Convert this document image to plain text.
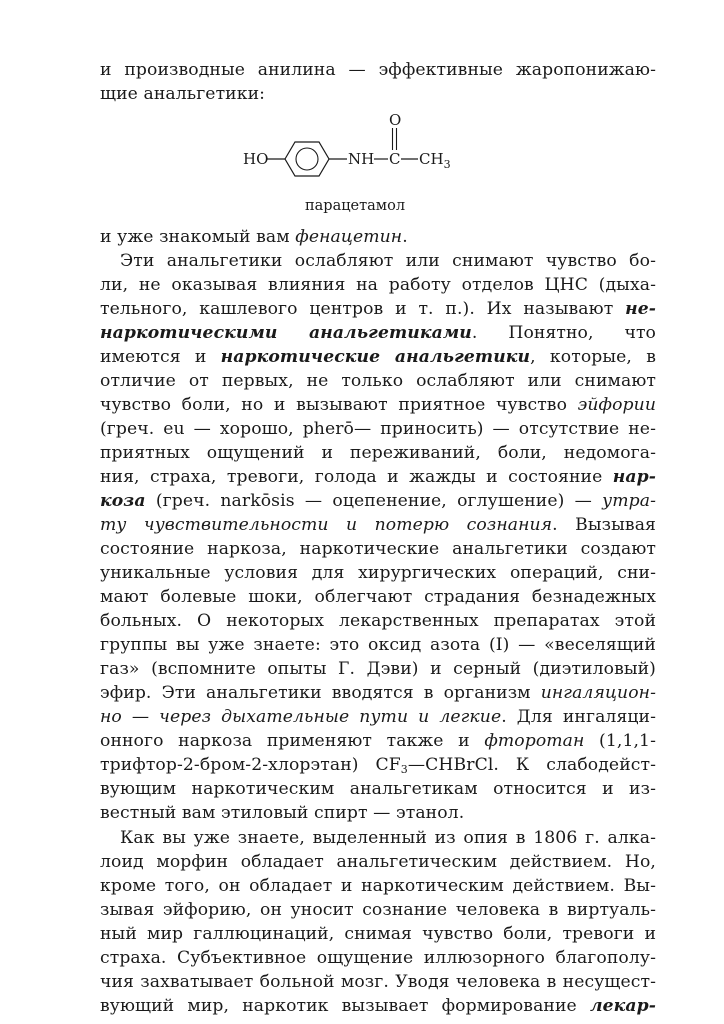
и производные анилина — эффективные жаропонижаю-
щие анальгетики:
HO	NH C
O
$CH_3$
парацетамол
и уже знакомый вам фенацетин.
Эти анальгетики ослабляют или снимают чувство бо-
ли, не оказывая влияния на работу отделов ЦНС (дыха-
тельного, кашлевого центров и т. п.). Их называют не-
наркотическими анальгетиками. Понятно, что
имеются и наркотические анальгетики, которые, в
отличие от первых, не только ослабляют или снимают
чувство боли, но и вызывают приятное чувство эйфории
(греч. eu — хорошо, pherō— приносить) — отсутствие не-
приятных ощущений и переживаний, боли, недомога-
ния, страха, тревоги, голода и жажды и состояние нар-
коза (греч. narkōsis — оцепенение, оглушение) — утра-
ту чувствительности и потерю сознания. Вызывая
состояние наркоза, наркотические анальгетики создают
уникальные условия для хирургических операций, сни-
мают болевые шоки, облегчают страдания безнадежных
больных. О некоторых лекарственных препаратах этой
группы вы уже знаете: это оксид азота (I) — «веселящий
газ» (вспомните опыты Г. Дэви) и серный (диэтиловый)
эфир. Эти анальгетики вводятся в организм ингаляцион-
но — через дыхательные пути и легкие. Для ингаляци-
онного наркоза применяют также и фторотан (1,1,1-
трифтор-2-бром-2-хлорэтан) $CF_3—CHBrCl$. К слабодейст-
вующим наркотическим анальгетикам относится и из-
вестный вам этиловый спирт — этанол.
Как вы уже знаете, выделенный из опия в 1806 г. алка-
лоид морфин обладает анальгетическим действием. Но,
кроме того, он обладает и наркотическим действием. Вы-
зывая эйфорию, он уносит сознание человека в виртуаль-
ный мир галлюцинаций, снимая чувство боли, тревоги и
страха. Субъективное ощущение иллюзорного благополу-
чия захватывает больной мозг. Уводя человека в несущест-
вующий мир, наркотик вызывает формирование лекар-
